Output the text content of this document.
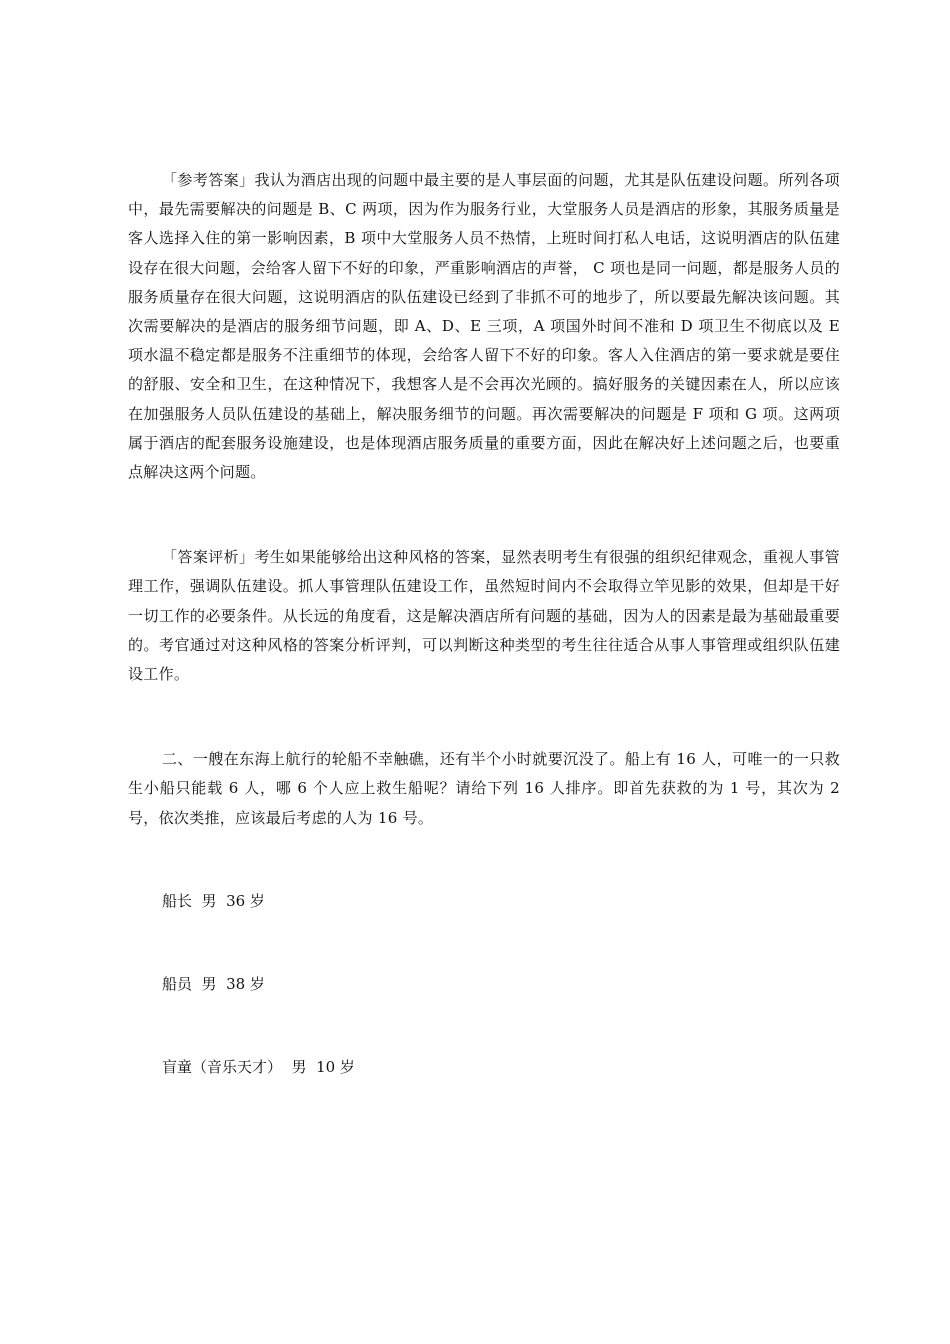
「参考答案」我认为酒店出现的问题中最主要的是人事层面的问题，尤其是队伍建设问题。所列各项中，最先需要解决的问题是 B、C 两项，因为作为服务行业，大堂服务人员是酒店的形象，其服务质量是客人选择入住的第一影响因素，B 项中大堂服务人员不热情，上班时间打私人电话，这说明酒店的队伍建设存在很大问题，会给客人留下不好的印象，严重影响酒店的声誉， C 项也是同一问题，都是服务人员的服务质量存在很大问题，这说明酒店的队伍建设已经到了非抓不可的地步了，所以要最先解决该问题。其次需要解决的是酒店的服务细节问题，即 A、D、E 三项，A 项国外时间不准和 D 项卫生不彻底以及 E 项水温不稳定都是服务不注重细节的体现，会给客人留下不好的印象。客人入住酒店的第一要求就是要住的舒服、安全和卫生，在这种情况下，我想客人是不会再次光顾的。搞好服务的关键因素在人，所以应该在加强服务人员队伍建设的基础上，解决服务细节的问题。再次需要解决的问题是 F 项和 G 项。这两项属于酒店的配套服务设施建设，也是体现酒店服务质量的重要方面，因此在解决好上述问题之后，也要重点解决这两个问题。

「答案评析」考生如果能够给出这种风格的答案，显然表明考生有很强的组织纪律观念，重视人事管理工作，强调队伍建设。抓人事管理队伍建设工作，虽然短时间内不会取得立竿见影的效果，但却是干好一切工作的必要条件。从长远的角度看，这是解决酒店所有问题的基础，因为人的因素是最为基础最重要的。考官通过对这种风格的答案分析评判，可以判断这种类型的考生往往适合从事人事管理或组织队伍建设工作。

二、一艘在东海上航行的轮船不幸触礁，还有半个小时就要沉没了。船上有 16 人，可唯一的一只救生小船只能载 6 人，哪 6 个人应上救生船呢？请给下列 16 人排序。即首先获救的为 1 号，其次为 2 号，依次类推，应该最后考虑的人为 16 号。

船长  男  36 岁

船员  男  38 岁

盲童（音乐天才）  男  10 岁
